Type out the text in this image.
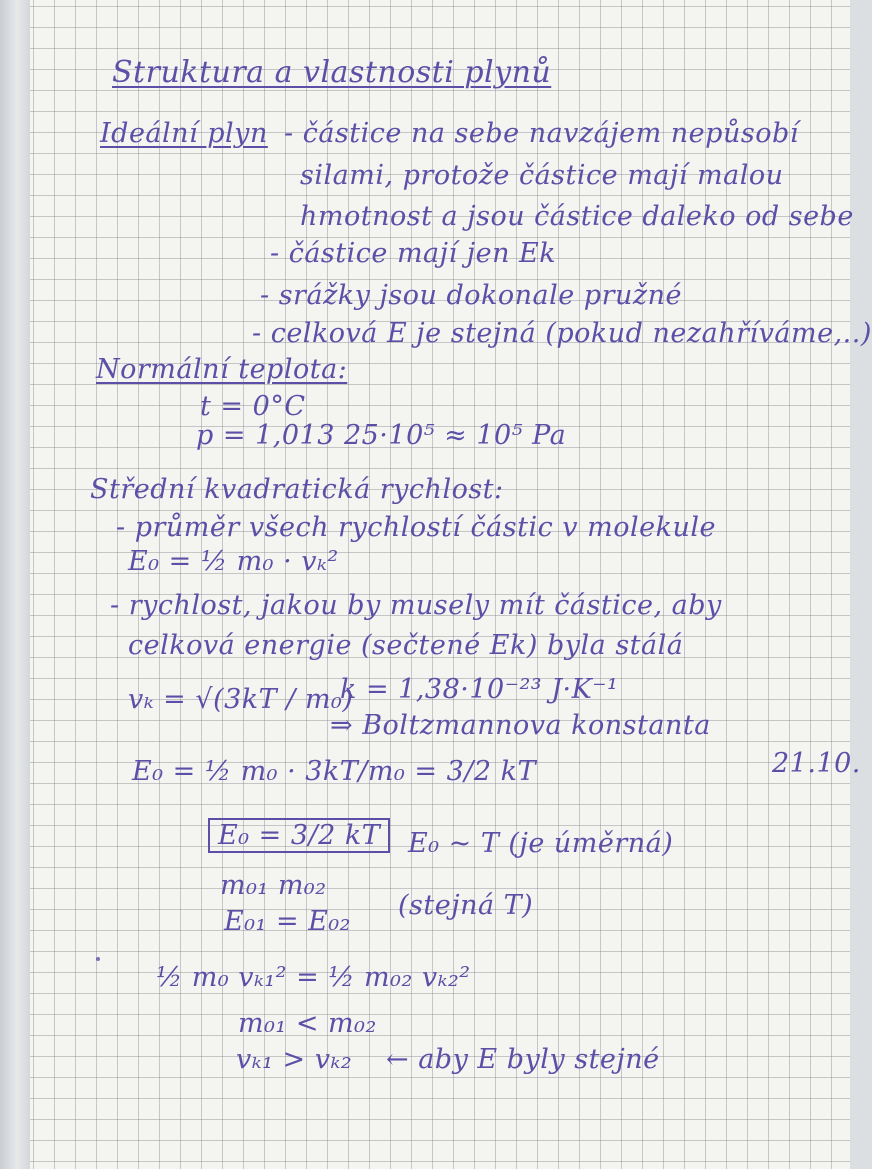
Struktura a vlastnosti plynů
Ideální plyn - částice na sebe navzájem nepůsobí
silami, protože částice mají malou
hmotnost a jsou částice daleko od sebe
- částice mají jen Ek
- srážky jsou dokonale pružné
- celková E je stejná (pokud nezahříváme,..)
Normální teplota:
t = 0°C
p = 1,013 25·10⁵ ≈ 10⁵ Pa
Střední kvadratická rychlost:
- průměr všech rychlostí částic v molekule
E₀ = ½ m₀ · vₖ²
- rychlost, jakou by musely mít částice, aby
celková energie (sečtené Ek) byla stálá
vₖ = √(3kT / m₀)
k = 1,38·10⁻²³ J·K⁻¹
⇒ Boltzmannova konstanta
21.10.
E₀ = ½ m₀ · 3kT/m₀ = 3/2 kT
E₀ = 3/2 kT	E₀ ~ T (je úměrná)
m₀₁ m₀₂
E₀₁ = E₀₂
(stejná T)
½ m₀ vₖ₁² = ½ m₀₂ vₖ₂²
m₀₁ < m₀₂
vₖ₁ > vₖ₂ ← aby E byly stejné
